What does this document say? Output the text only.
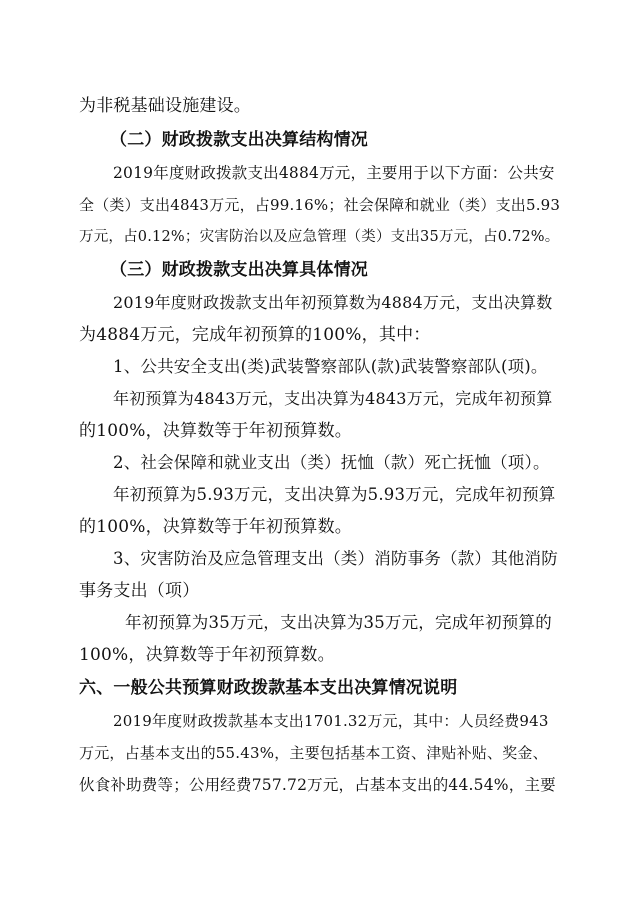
为非税基础设施建设。
（二）财政拨款支出决算结构情况
2019年度财政拨款支出4884万元，主要用于以下方面：公共安
全（类）支出4843万元，占99.16%；社会保障和就业（类）支出5.93
万元，占0.12%；灾害防治以及应急管理（类）支出35万元，占0.72%。
（三）财政拨款支出决算具体情况
2019年度财政拨款支出年初预算数为4884万元，支出决算数
为4884万元，完成年初预算的100%，其中：
1、公共安全支出(类)武装警察部队(款)武装警察部队(项)。
年初预算为4843万元，支出决算为4843万元，完成年初预算
的100%，决算数等于年初预算数。
2、社会保障和就业支出（类）抚恤（款）死亡抚恤（项）。
年初预算为5.93万元，支出决算为5.93万元，完成年初预算
的100%，决算数等于年初预算数。
3、灾害防治及应急管理支出（类）消防事务（款）其他消防
事务支出（项）
年初预算为35万元，支出决算为35万元，完成年初预算的
100%，决算数等于年初预算数。
六、一般公共预算财政拨款基本支出决算情况说明
2019年度财政拨款基本支出1701.32万元，其中：人员经费943
万元，占基本支出的55.43%，主要包括基本工资、津贴补贴、奖金、
伙食补助费等；公用经费757.72万元，占基本支出的44.54%，主要
